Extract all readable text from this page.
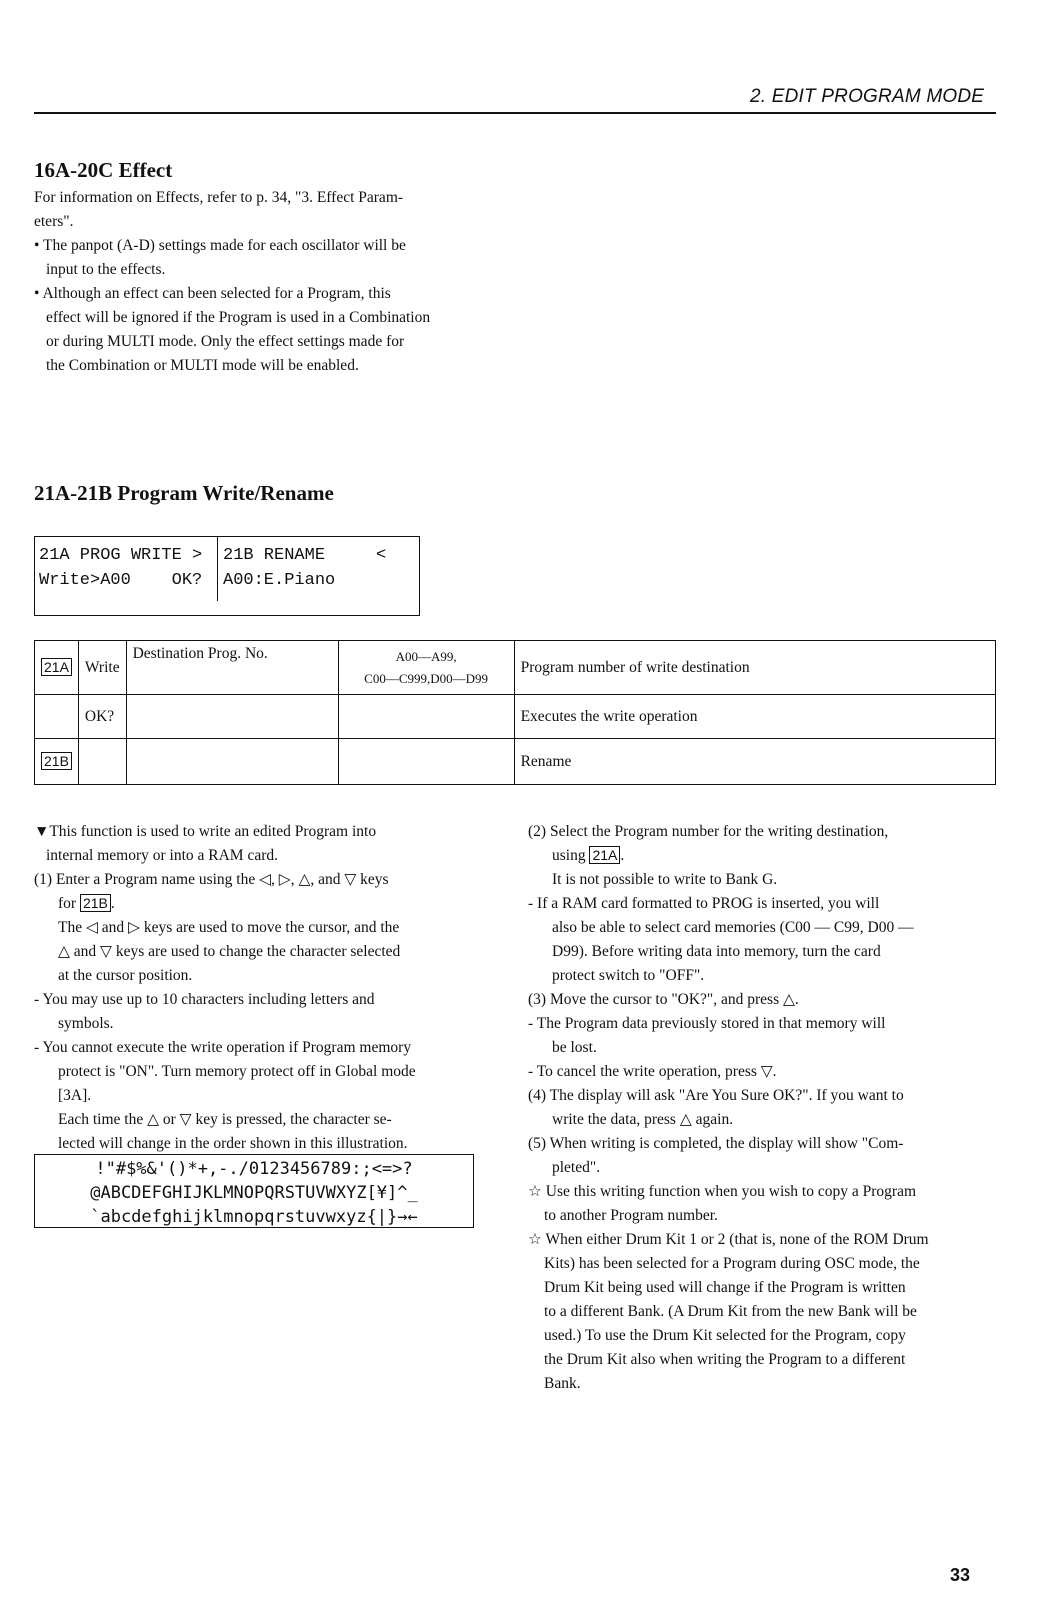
2. EDIT PROGRAM MODE
16A-20C Effect
For information on Effects, refer to p. 34, "3. Effect Param-
eters".
• The panpot (A-D) settings made for each oscillator will be
input to the effects.
• Although an effect can been selected for a Program, this
effect will be ignored if the Program is used in a Combination
or during MULTI mode. Only the effect settings made for
the Combination or MULTI mode will be enabled.
21A-21B Program Write/Rename
21A PROG WRITE >
Write>A00    OK?
21B RENAME     <
A00:E.Piano
21A	Write	Destination Prog. No.	A00—A99,
C00—C999,D00—D99	Program number of write destination
	OK?			Executes the write operation
21B				Rename
▼This function is used to write an edited Program into
internal memory or into a RAM card.
(1) Enter a Program name using the ◁, ▷, △, and ▽ keys
for 21B .
The ◁ and ▷ keys are used to move the cursor, and the
△ and ▽ keys are used to change the character selected
at the cursor position.
- You may use up to 10 characters including letters and
symbols.
- You cannot execute the write operation if Program memory
protect is "ON". Turn memory protect off in Global mode
[3A].
Each time the △ or ▽ key is pressed, the character se-
lected will change in the order shown in this illustration.
!"#$%&'()*+,-./0123456789:;<=>?
@ABCDEFGHIJKLMNOPQRSTUVWXYZ[¥]^_
`abcdefghijklmnopqrstuvwxyz{|}→←
(2) Select the Program number for the writing destination,
using 21A .
It is not possible to write to Bank G.
- If a RAM card formatted to PROG is inserted, you will
also be able to select card memories (C00 — C99, D00 —
D99). Before writing data into memory, turn the card
protect switch to "OFF".
(3) Move the cursor to "OK?", and press △.
- The Program data previously stored in that memory will
be lost.
- To cancel the write operation, press ▽.
(4) The display will ask "Are You Sure OK?". If you want to
write the data, press △ again.
(5) When writing is completed, the display will show "Com-
pleted".
☆ Use this writing function when you wish to copy a Program
to another Program number.
☆ When either Drum Kit 1 or 2 (that is, none of the ROM Drum
Kits) has been selected for a Program during OSC mode, the
Drum Kit being used will change if the Program is written
to a different Bank. (A Drum Kit from the new Bank will be
used.) To use the Drum Kit selected for the Program, copy
the Drum Kit also when writing the Program to a different
Bank.
33
